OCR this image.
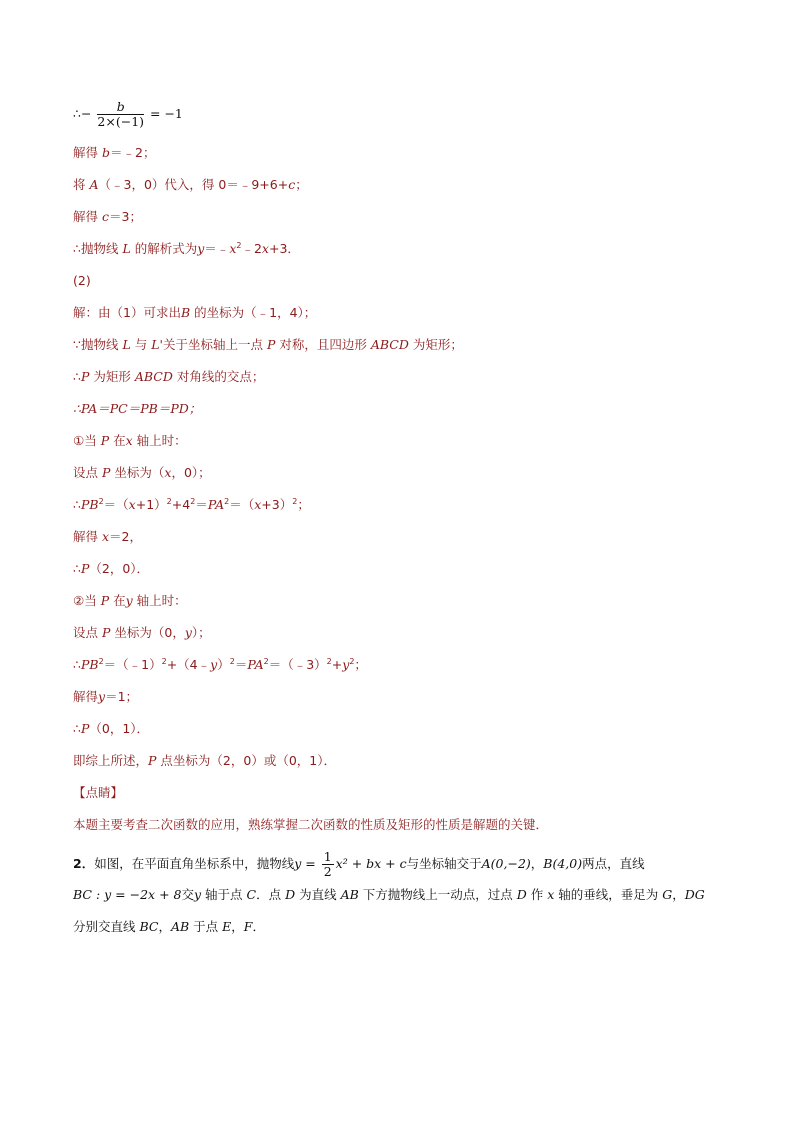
∴− $\frac{b}{2\times(-1)} = -1$
解得 b＝﹣2；
将 A（﹣3，0）代入，得 0＝﹣9+6+c；
解得 c＝3；
∴抛物线 L 的解析式为$y=﹣x^2﹣2x+3$．
(2)
解：由（1）可求出B 的坐标为（﹣1，4）；
∵抛物线 L 与 L'关于坐标轴上一点 P 对称，且四边形 ABCD 为矩形；
∴P 为矩形 ABCD 对角线的交点；
∴PA＝PC＝PB＝PD；
①当 P 在x 轴上时：
设点 P 坐标为（x，0）；
$\therefore PB^2=(x+1)^2+4^2=PA^2=(x+3)^2$；
解得 x＝2，
∴P（2，0）．
②当 P 在y 轴上时：
设点 P 坐标为（0，y）；
$\therefore PB^2=(﹣1)^2+(4﹣y)^2=PA^2=(﹣3)^2+y^2$；
解得y＝1；
∴P（0，1）．
即综上所述，P 点坐标为（2，0）或（0，1）．
【点睛】
本题主要考查二次函数的应用，熟练掌握二次函数的性质及矩形的性质是解题的关键．
2．如图，在平面直角坐标系中，抛物线$y = \frac{1}{2} x^2$ + bx + c与坐标轴交于A(0,−2)，B(4,0)两点，直线
BC : y = −2x + 8交y 轴于点 C．点 D 为直线 AB 下方抛物线上一动点，过点 D 作 x 轴的垂线，垂足为 G，DG
分别交直线 BC，AB 于点 E，F．
